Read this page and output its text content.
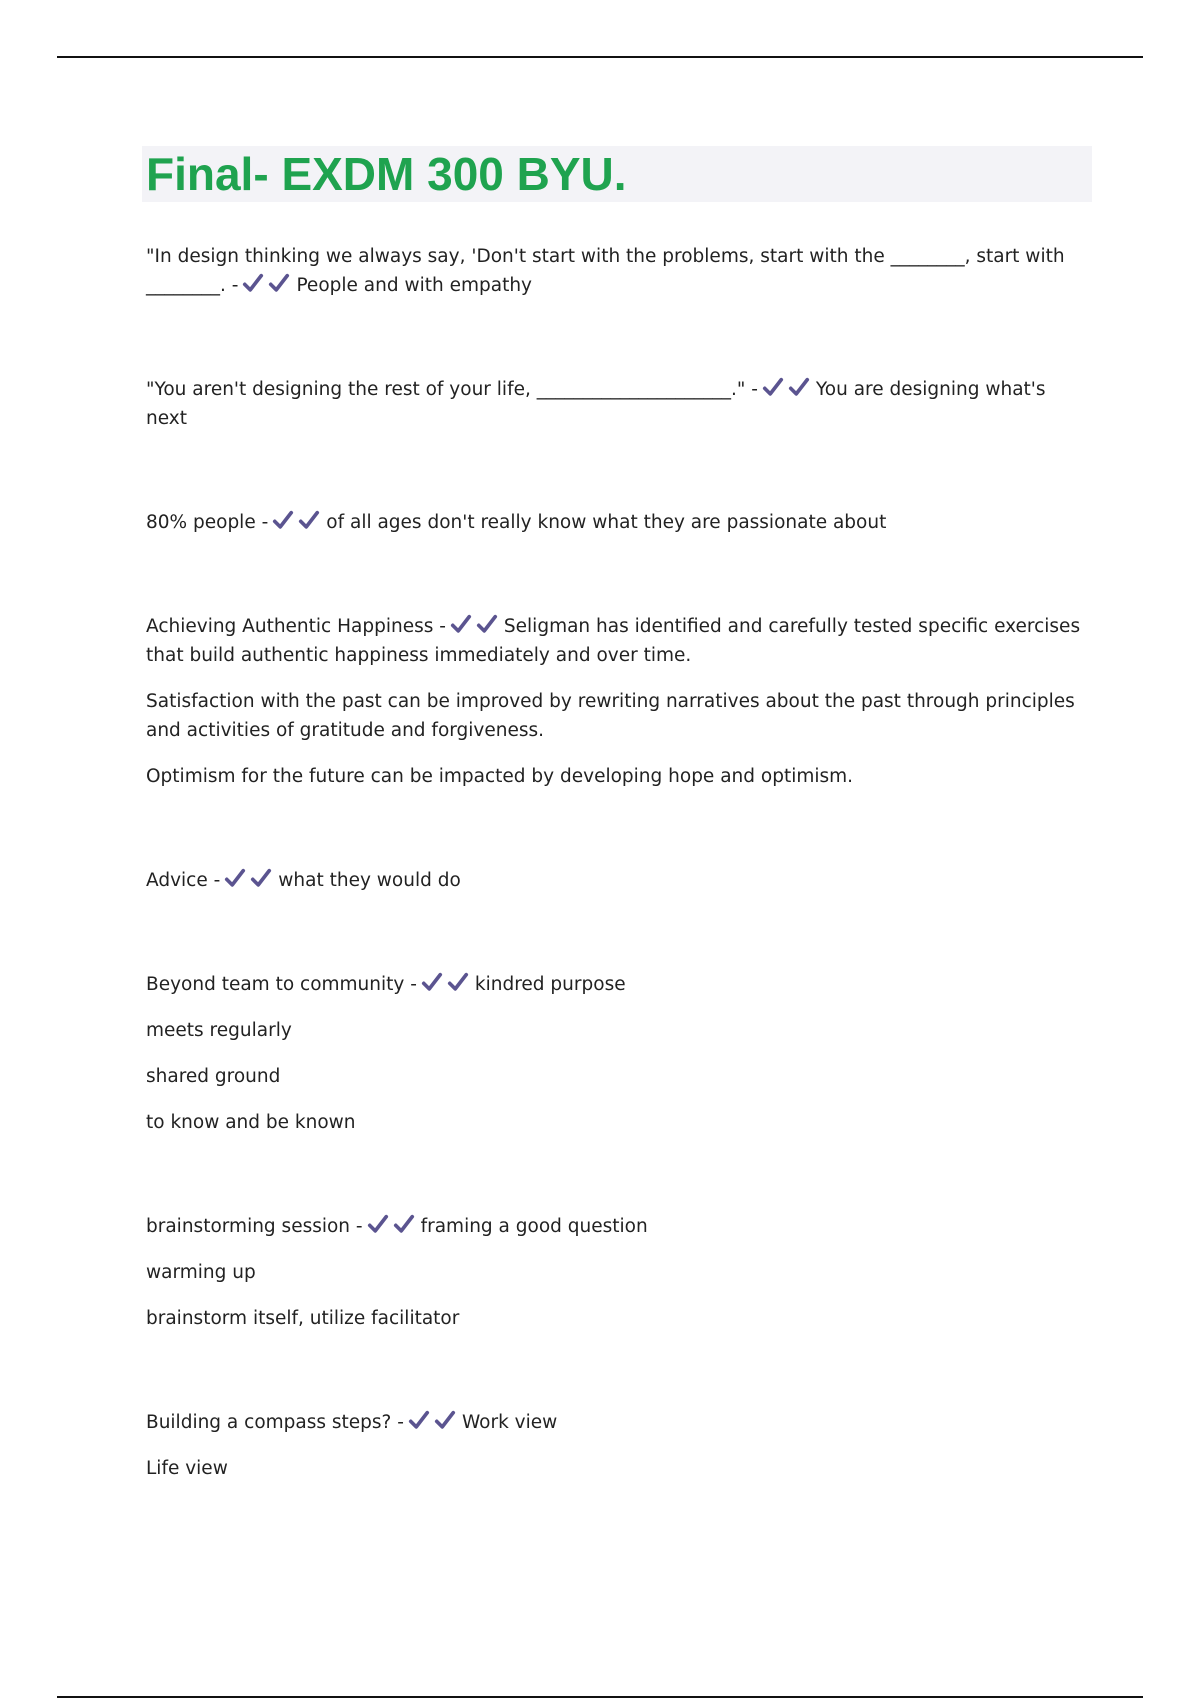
Final- EXDM 300 BYU.

"In design thinking we always say, 'Don't start with the problems, start with the ________, start with ________. -	People and with empathy

"You aren't designing the rest of your life, _____________________." -	You are designing what's next

80% people -	of all ages don't really know what they are passionate about

Achieving Authentic Happiness -	Seligman has identified and carefully tested specific exercises that build authentic happiness immediately and over time.

Satisfaction with the past can be improved by rewriting narratives about the past through principles and activities of gratitude and forgiveness.

Optimism for the future can be impacted by developing hope and optimism.

Advice -	what they would do

Beyond team to community -	kindred purpose

meets regularly

shared ground

to know and be known

brainstorming session -	framing a good question

warming up

brainstorm itself, utilize facilitator

Building a compass steps? -	Work view

Life view
